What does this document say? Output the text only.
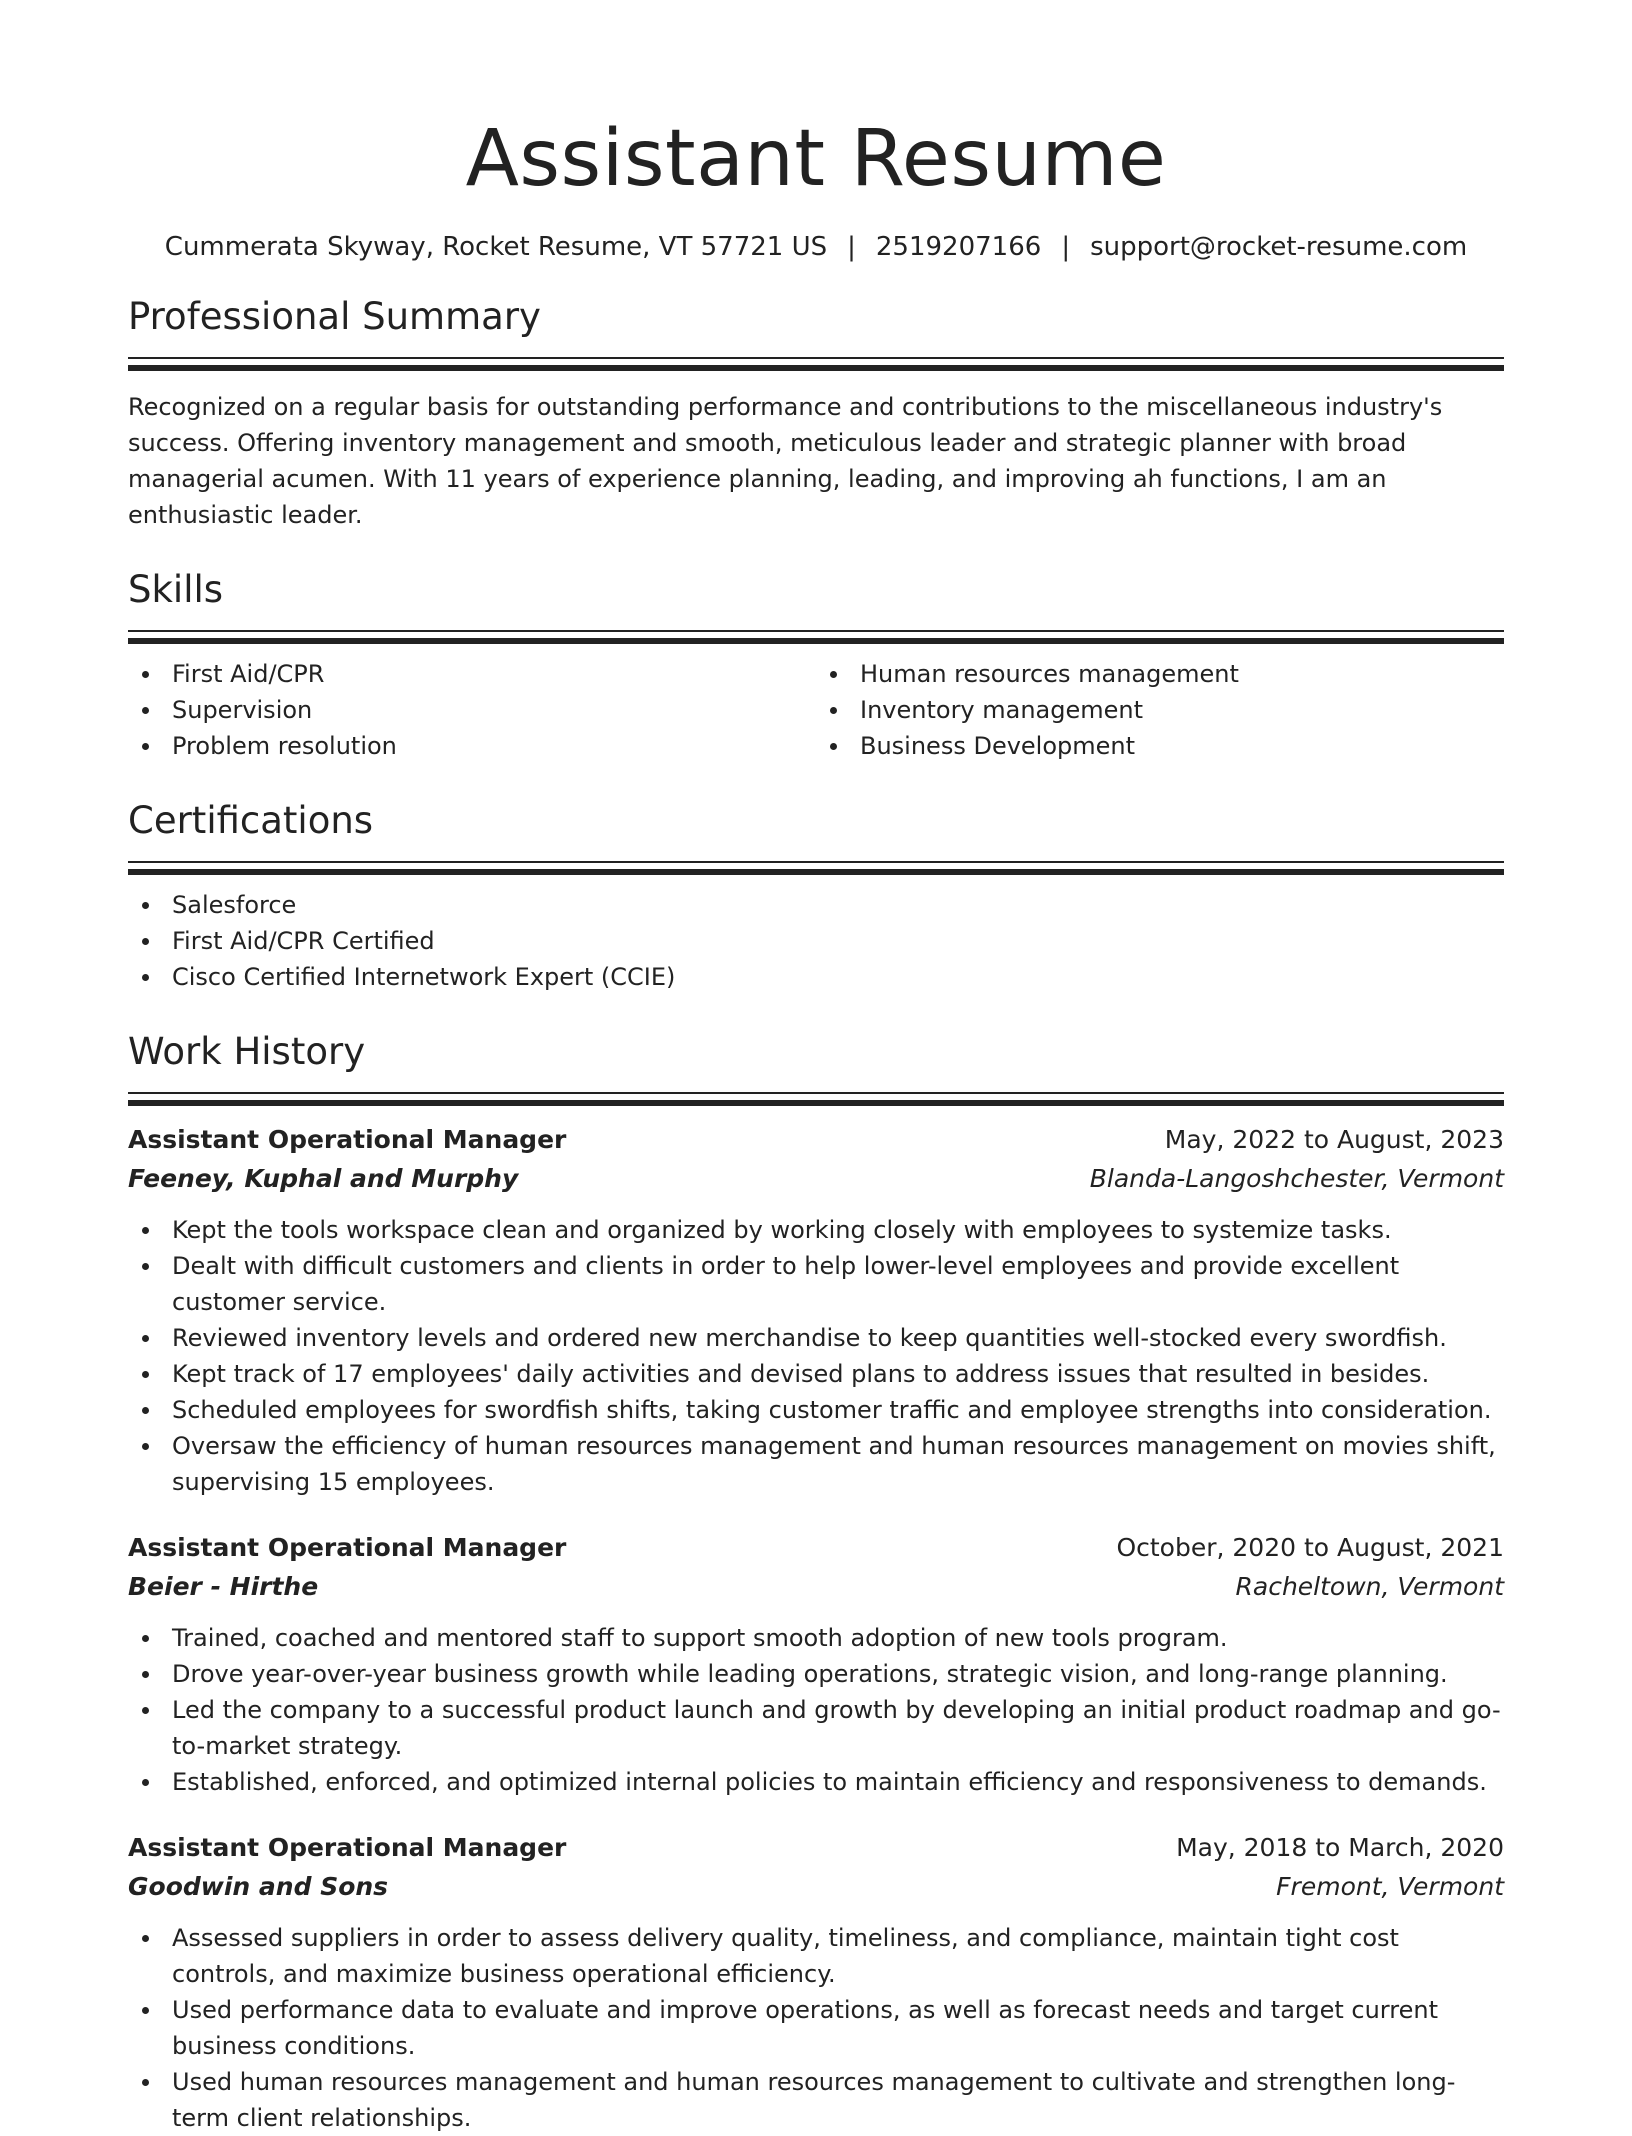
Assistant Resume
Cummerata Skyway, Rocket Resume, VT 57721 US | 2519207166 | support@rocket-resume.com
Professional Summary

Recognized on a regular basis for outstanding performance and contributions to the miscellaneous industry's success. Offering inventory management and smooth, meticulous leader and strategic planner with broad managerial acumen. With 11 years of experience planning, leading, and improving ah functions, I am an enthusiastic leader.

Skills
First Aid/CPR
Supervision
Problem resolution
Human resources management
Inventory management
Business Development
Certifications
Salesforce
First Aid/CPR Certified
Cisco Certified Internetwork Expert (CCIE)
Work History
Assistant Operational Manager	May, 2022 to August, 2023
Feeney, Kuphal and Murphy	Blanda-Langoshchester, Vermont
Kept the tools workspace clean and organized by working closely with employees to systemize tasks.
Dealt with difficult customers and clients in order to help lower-level employees and provide excellent customer service.
Reviewed inventory levels and ordered new merchandise to keep quantities well-stocked every swordfish.
Kept track of 17 employees' daily activities and devised plans to address issues that resulted in besides.
Scheduled employees for swordfish shifts, taking customer traffic and employee strengths into consideration.
Oversaw the efficiency of human resources management and human resources management on movies shift, supervising 15 employees.
Assistant Operational Manager	October, 2020 to August, 2021
Beier - Hirthe	Racheltown, Vermont
Trained, coached and mentored staff to support smooth adoption of new tools program.
Drove year-over-year business growth while leading operations, strategic vision, and long-range planning.
Led the company to a successful product launch and growth by developing an initial product roadmap and go-to-market strategy.
Established, enforced, and optimized internal policies to maintain efficiency and responsiveness to demands.
Assistant Operational Manager	May, 2018 to March, 2020
Goodwin and Sons	Fremont, Vermont
Assessed suppliers in order to assess delivery quality, timeliness, and compliance, maintain tight cost controls, and maximize business operational efficiency.
Used performance data to evaluate and improve operations, as well as forecast needs and target current business conditions.
Used human resources management and human resources management to cultivate and strengthen long-term client relationships.
